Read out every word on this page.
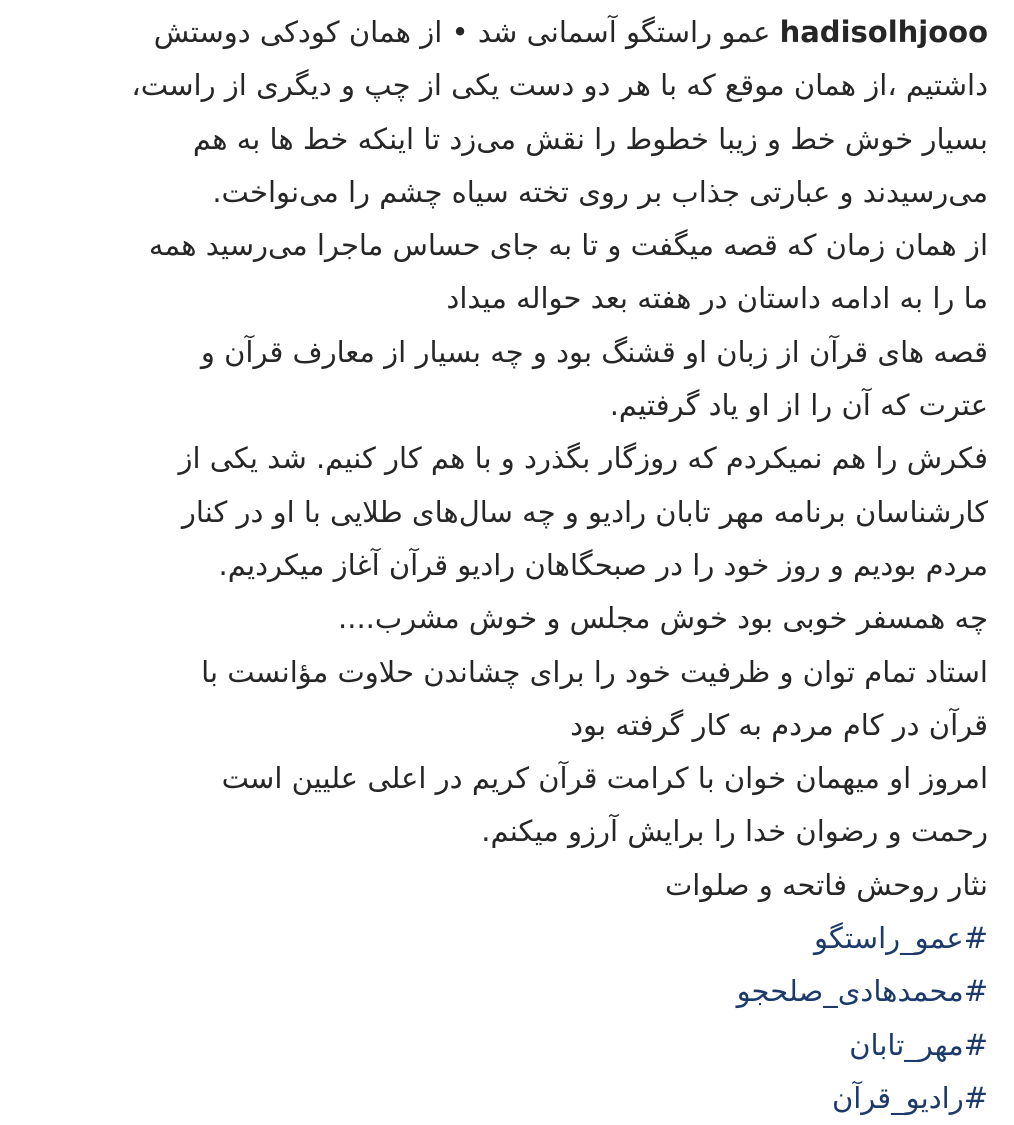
hadisolhjooo عمو راستگو آسمانی شد • از همان کودکی دوستش
داشتیم ،از همان موقع که با هر دو دست یکی از چپ و دیگری از راست،
بسیار خوش خط و زیبا خطوط را نقش می‌زد تا اینکه خط ها به هم
می‌رسیدند و عبارتی جذاب بر روی تخته سیاه چشم را می‌نواخت.
از همان زمان که قصه میگفت و تا به جای حساس ماجرا می‌رسید همه
ما را به ادامه داستان در هفته بعد حواله میداد
قصه های قرآن از زبان او قشنگ بود و چه بسیار از معارف قرآن و
عترت که آن را از او یاد گرفتیم.
فکرش را هم نمیکردم که روزگار بگذرد و با هم کار کنیم. شد یکی از
کارشناسان برنامه مهر تابان رادیو و چه سال‌های طلایی با او در کنار
مردم بودیم و روز خود را در صبحگاهان رادیو قرآن آغاز میکردیم.
چه همسفر خوبی بود خوش مجلس و خوش مشرب....
استاد تمام توان و ظرفیت خود را برای چشاندن حلاوت مؤانست با
قرآن در کام مردم به کار گرفته بود
امروز او میهمان خوان با کرامت قرآن کریم در اعلی علیین است
رحمت و رضوان خدا را برایش آرزو میکنم.
نثار روحش فاتحه و صلوات
#عمو_راستگو
#محمدهادی_صلحجو
#مهر_تابان
#رادیو_قرآن
